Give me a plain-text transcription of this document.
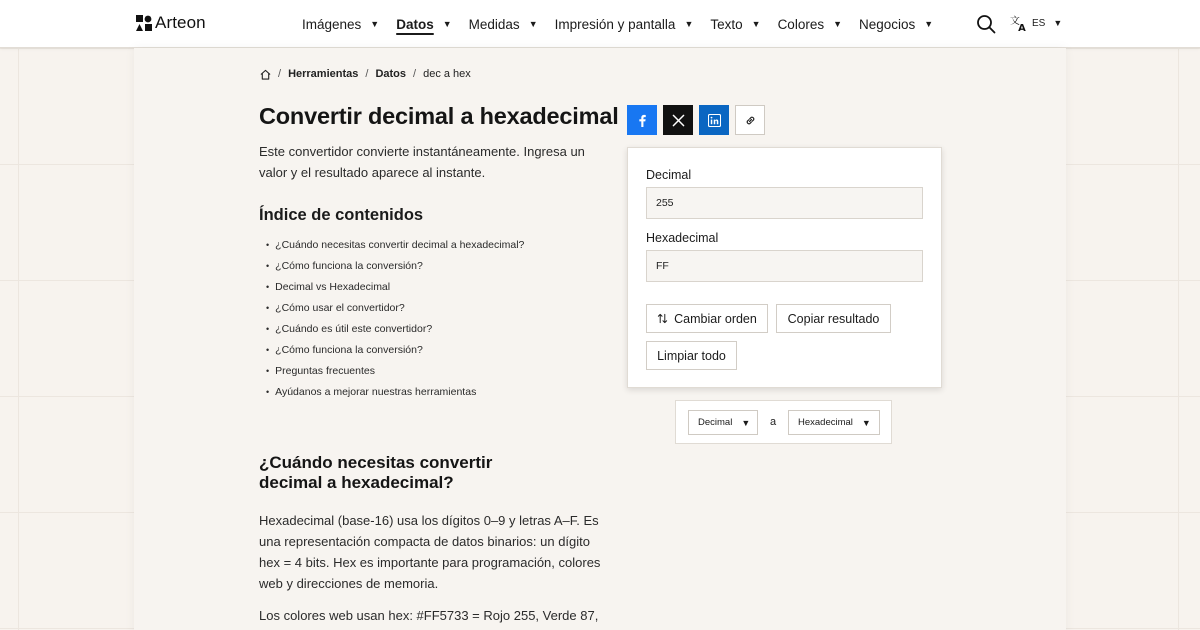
Arteon	Imágenes ▼ Datos ▼ Medidas ▼ Impresión y pantalla ▼ Texto ▼ Colores ▼ Negocios ▼	文
A
ES ▼
/ Herramientas / Datos / dec a hex
Convertir decimal a hexadecimal

Este convertidor convierte instantáneamente. Ingresa un valor y el resultado aparece al instante.

Índice de contenidos
• ¿Cuándo necesitas convertir decimal a hexadecimal?
• ¿Cómo funciona la conversión?
• Decimal vs Hexadecimal
• ¿Cómo usar el convertidor?
• ¿Cuándo es útil este convertidor?
• ¿Cómo funciona la conversión?
• Preguntas frecuentes
• Ayúdanos a mejorar nuestras herramientas
¿Cuándo necesitas convertir decimal a hexadecimal?

Hexadecimal (base-16) usa los dígitos 0–9 y letras A–F. Es una representación compacta de datos binarios: un dígito hex = 4 bits. Hex es importante para programación, colores web y direcciones de memoria.

Los colores web usan hex: #FF5733 = Rojo 255, Verde 87,

Decimal
255
Hexadecimal
FF
Cambiar orden Copiar resultado
Limpiar todo
Decimal ▼ a Hexadecimal ▼
